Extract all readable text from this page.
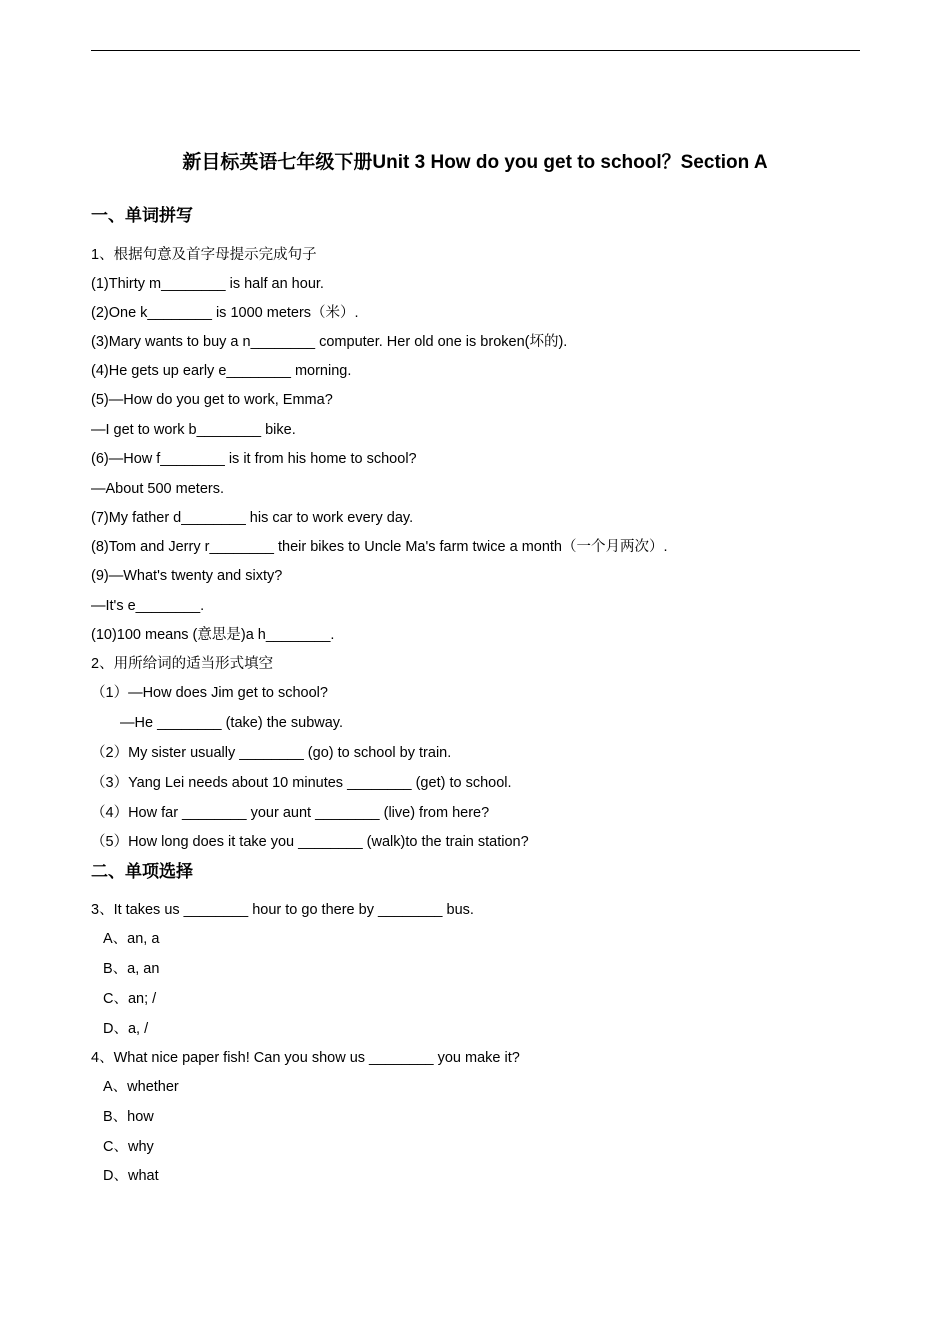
新目标英语七年级下册Unit 3 How do you get to school？Section A
一、单词拼写
1、根据句意及首字母提示完成句子
(1)Thirty m________ is half an hour.
(2)One k________ is 1000 meters（米）.
(3)Mary wants to buy a n________ computer. Her old one is broken(坏的).
(4)He gets up early e________ morning.
(5)—How do you get to work, Emma?
—I get to work b________ bike.
(6)—How f________ is it from his home to school?
—About 500 meters.
(7)My father d________ his car to work every day.
(8)Tom and Jerry r________ their bikes to Uncle Ma's farm twice a month（一个月两次）.
(9)—What's twenty and sixty?
—It's e________.
(10)100 means (意思是)a h________.
2、用所给词的适当形式填空
（1）—How does Jim get to school?
　　—He ________ (take) the subway.
（2）My sister usually ________ (go) to school by train.
（3）Yang Lei needs about 10 minutes ________ (get) to school.
（4）How far ________ your aunt ________ (live) from here?
（5）How long does it take you ________ (walk)to the train station?
二、单项选择
3、It takes us ________ hour to go there by ________ bus.
A、an, a
B、a, an
C、an; /
D、a, /
4、What nice paper fish! Can you show us ________ you make it?
A、whether
B、how
C、why
D、what
